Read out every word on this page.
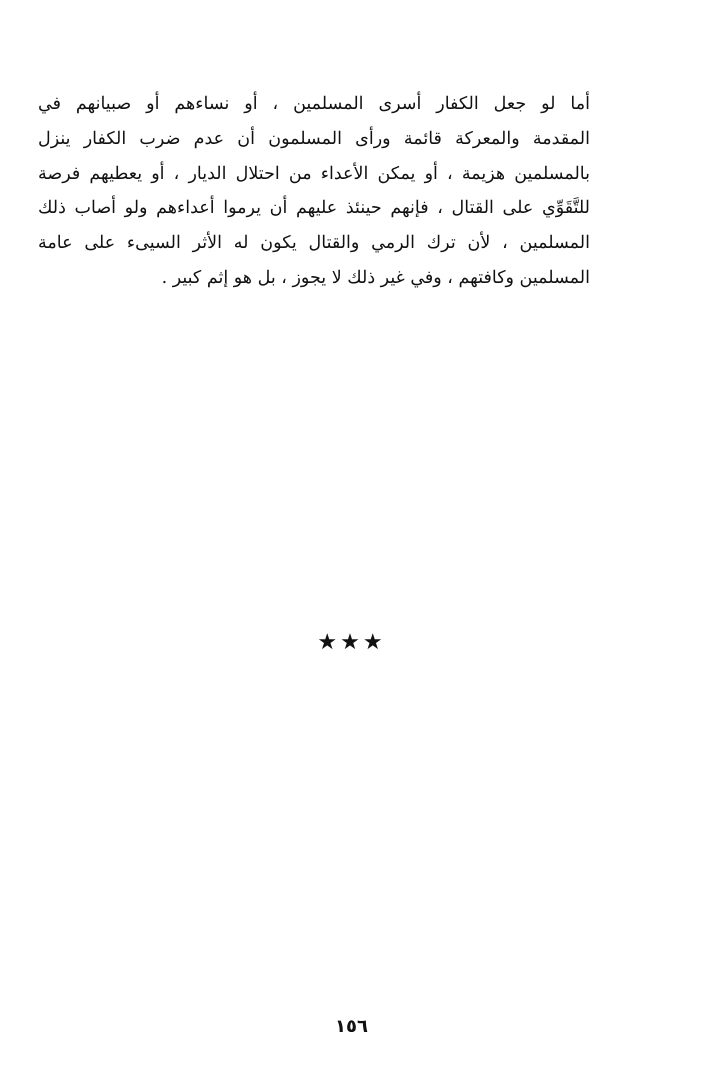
أما لو جعل الكفار أسرى المسلمين ، أو نساءهم أو صبيانهم في
المقدمة والمعركة قائمة ورأى المسلمون أن عدم ضرب الكفار ينزل
بالمسلمين هزيمة ، أو يمكن الأعداء من احتلال الديار ، أو يعطيهم فرصة
للتَّقَوِّي على القتال ، فإنهم حينئذ عليهم أن يرموا أعداءهم ولو أصاب ذلك
المسلمين ، لأن ترك الرمي والقتال يكون له الأثر السيىء على عامة
المسلمين وكافتهم ، وفي غير ذلك لا يجوز ، بل هو إثم كبير .
★★★
١٥٦
